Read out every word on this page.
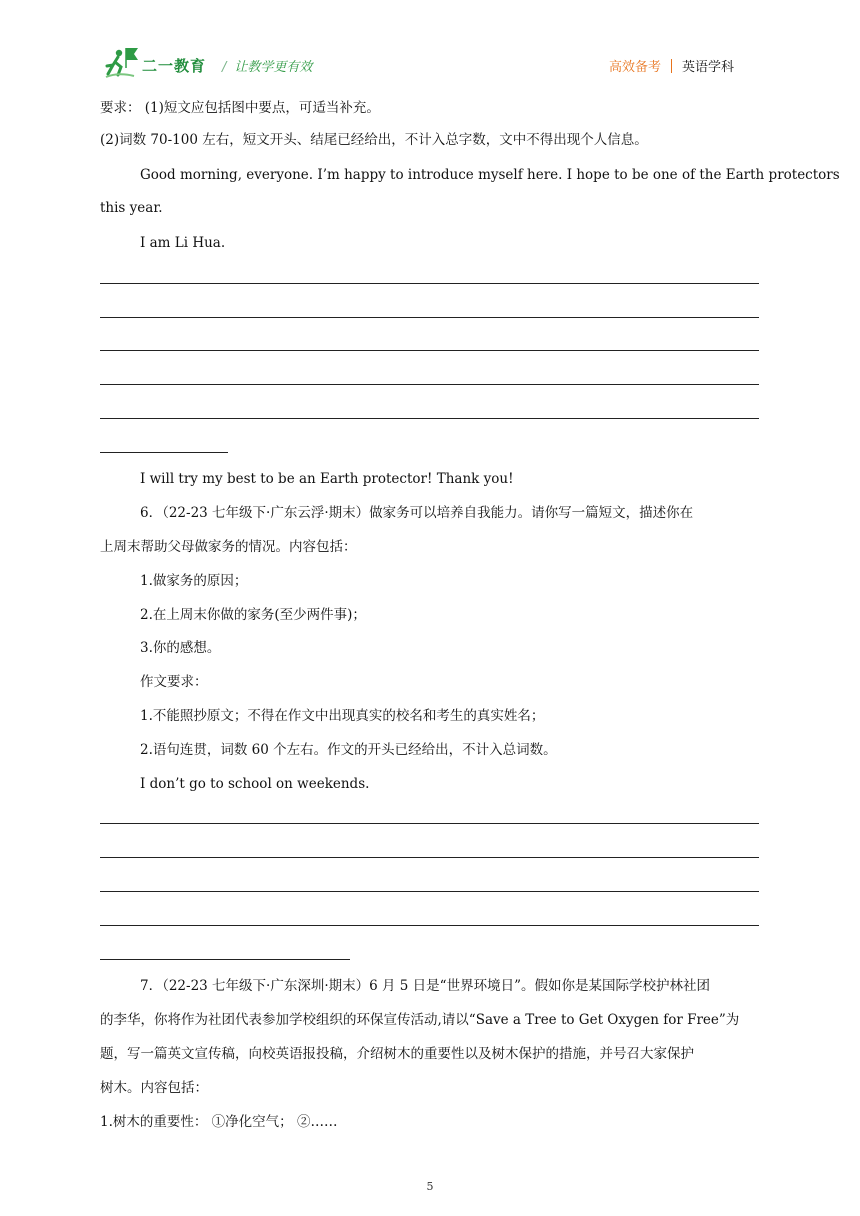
二一教育 / 让教学更有效	高效备考 英语学科
要求： (1)短文应包括图中要点，可适当补充。
(2)词数 70-100 左右，短文开头、结尾已经给出，不计入总字数，文中不得出现个人信息。
Good morning, everyone. I’m happy to introduce myself here. I hope to be one of the Earth protectors
this year.
I am Li Hua.
I will try my best to be an Earth protector! Thank you!
6．（22-23 七年级下·广东云浮·期末）做家务可以培养自我能力。请你写一篇短文，描述你在
上周末帮助父母做家务的情况。内容包括：
1.做家务的原因；
2.在上周末你做的家务(至少两件事)；
3.你的感想。
作文要求：
1.不能照抄原文；不得在作文中出现真实的校名和考生的真实姓名；
2.语句连贯，词数 60 个左右。作文的开头已经给出，不计入总词数。
I don’t go to school on weekends.
7．（22-23 七年级下·广东深圳·期末）6 月 5 日是“世界环境日”。假如你是某国际学校护林社团
的李华，你将作为社团代表参加学校组织的环保宣传活动,请以“Save a Tree to Get Oxygen for Free”为
题，写一篇英文宣传稿，向校英语报投稿，介绍树木的重要性以及树木保护的措施，并号召大家保护
树木。内容包括：
1.树木的重要性： ①净化空气； ②……
5
